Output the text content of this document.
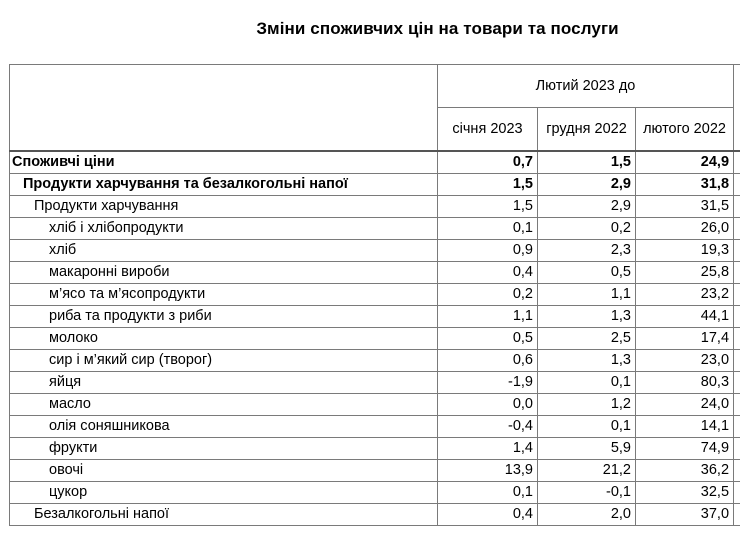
Зміни споживчих цін на товари та послуги
	Лютий 2023 до			
	січня 2023	грудня 2022	лютого 2022	
Споживчі ціни	0,7	1,5	24,9	
Продукти харчування та безалкогольні напої	1,5	2,9	31,8	
Продукти харчування	1,5	2,9	31,5	
хліб і хлібопродукти	0,1	0,2	26,0	
хліб	0,9	2,3	19,3	
макаронні вироби	0,4	0,5	25,8	
м’ясо та м’ясопродукти	0,2	1,1	23,2	
риба та продукти з риби	1,1	1,3	44,1	
молоко	0,5	2,5	17,4	
сир і м’який сир (творог)	0,6	1,3	23,0	
яйця	-1,9	0,1	80,3	
масло	0,0	1,2	24,0	
олія соняшникова	-0,4	0,1	14,1	
фрукти	1,4	5,9	74,9	
овочі	13,9	21,2	36,2	
цукор	0,1	-0,1	32,5	
Безалкогольні напої	0,4	2,0	37,0	
